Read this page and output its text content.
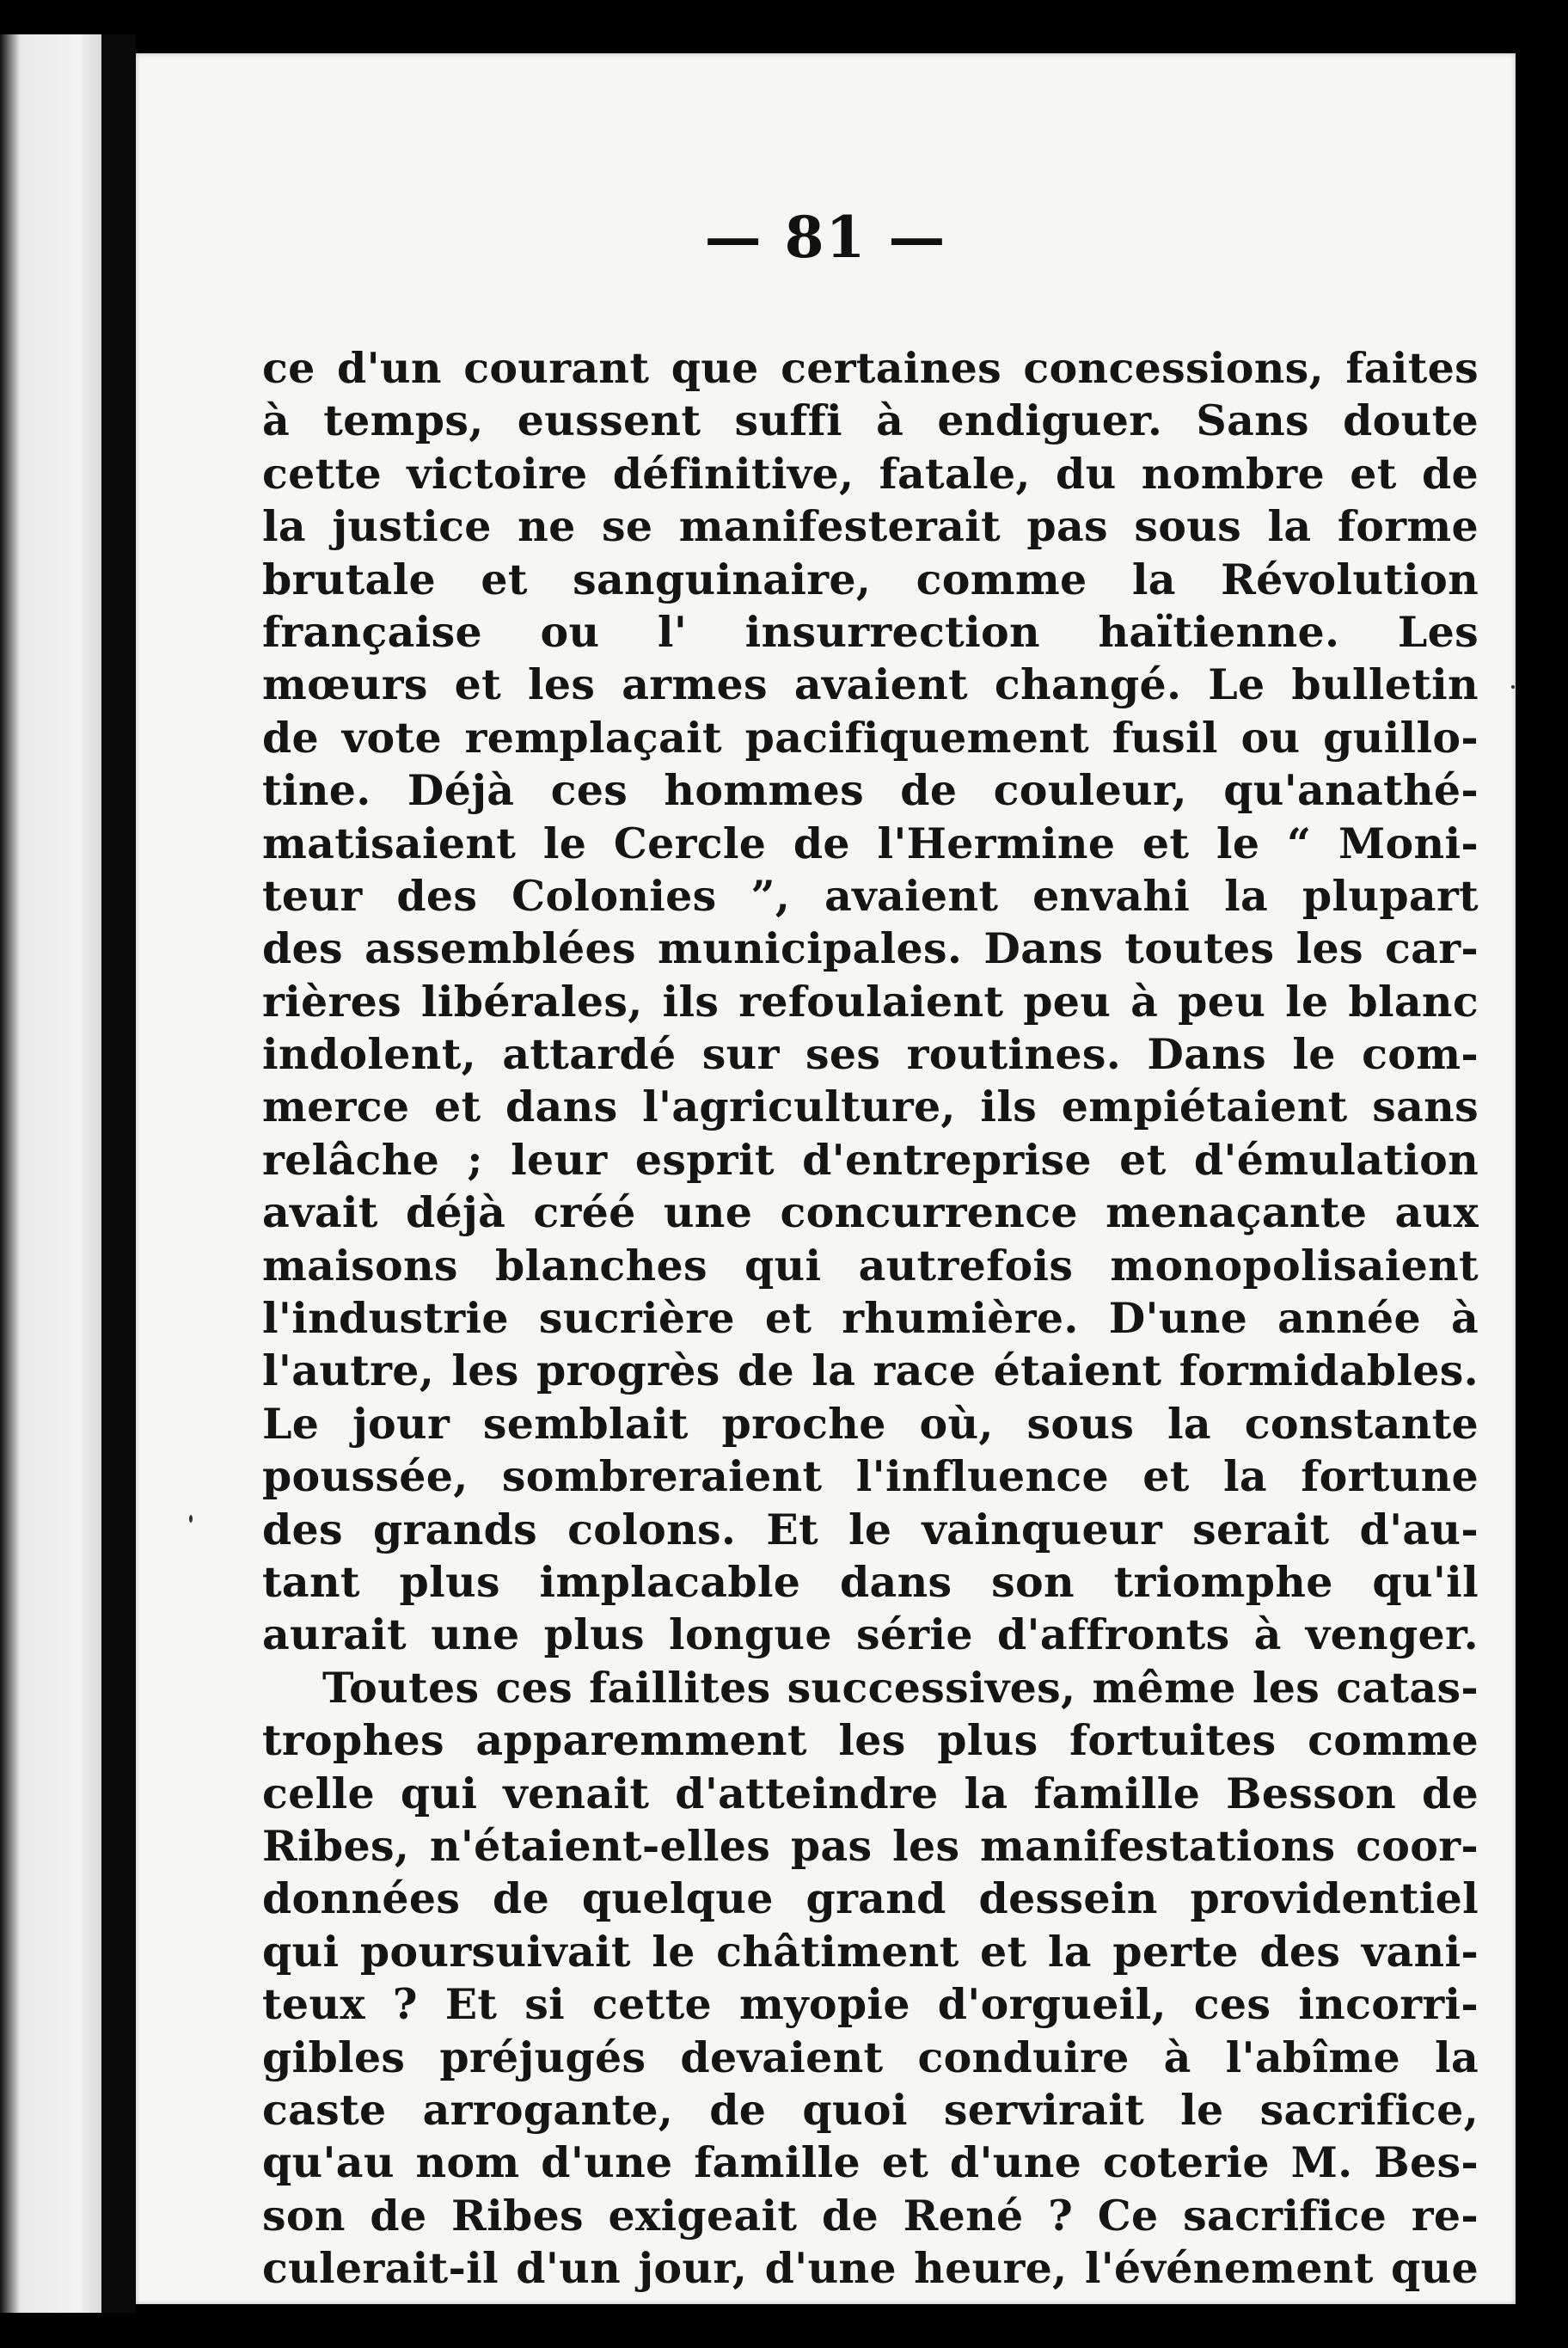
— 81 —
ce d'un courant que certaines concessions, faites
à temps, eussent suffi à endiguer. Sans doute
cette victoire définitive, fatale, du nombre et de
la justice ne se manifesterait pas sous la forme
brutale et sanguinaire, comme la Révolution
française ou l' insurrection haïtienne. Les
mœurs et les armes avaient changé. Le bulletin
de vote remplaçait pacifiquement fusil ou guillo-
tine. Déjà ces hommes de couleur, qu'anathé-
matisaient le Cercle de l'Hermine et le “ Moni-
teur des Colonies ”, avaient envahi la plupart
des assemblées municipales. Dans toutes les car-
rières libérales, ils refoulaient peu à peu le blanc
indolent, attardé sur ses routines. Dans le com-
merce et dans l'agriculture, ils empiétaient sans
relâche ; leur esprit d'entreprise et d'émulation
avait déjà créé une concurrence menaçante aux
maisons blanches qui autrefois monopolisaient
l'industrie sucrière et rhumière. D'une année à
l'autre, les progrès de la race étaient formidables.
Le jour semblait proche où, sous la constante
poussée, sombreraient l'influence et la fortune
des grands colons. Et le vainqueur serait d'au-
tant plus implacable dans son triomphe qu'il
aurait une plus longue série d'affronts à venger.
Toutes ces faillites successives, même les catas-
trophes apparemment les plus fortuites comme
celle qui venait d'atteindre la famille Besson de
Ribes, n'étaient-elles pas les manifestations coor-
données de quelque grand dessein providentiel
qui poursuivait le châtiment et la perte des vani-
teux ? Et si cette myopie d'orgueil, ces incorri-
gibles préjugés devaient conduire à l'abîme la
caste arrogante, de quoi servirait le sacrifice,
qu'au nom d'une famille et d'une coterie M. Bes-
son de Ribes exigeait de René ? Ce sacrifice re-
culerait-il d'un jour, d'une heure, l'événement que
